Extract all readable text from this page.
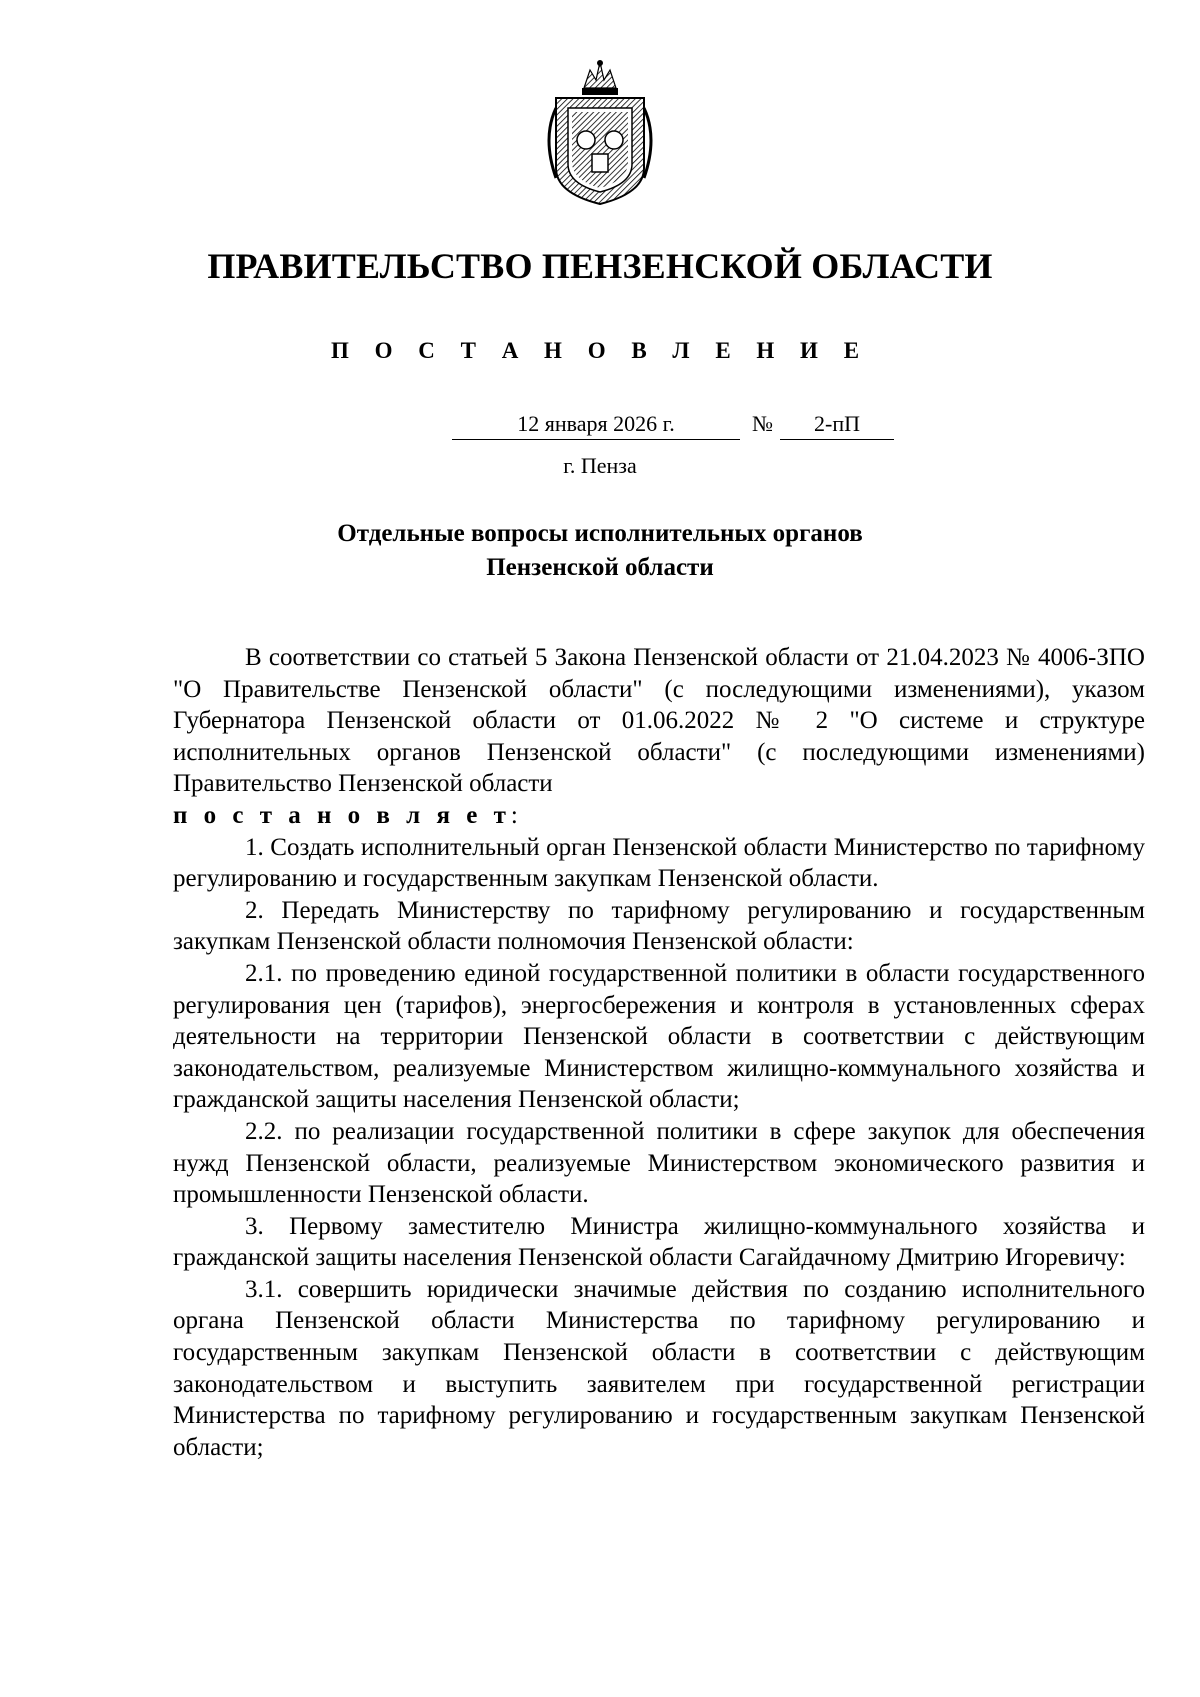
ПРАВИТЕЛЬСТВО ПЕНЗЕНСКОЙ ОБЛАСТИ
П О С Т А Н О В Л Е Н И Е
12 января 2026 г.	№	2-пП
г. Пенза
Отдельные вопросы исполнительных органов
Пензенской области

В соответствии со статьей 5 Закона Пензенской области от 21.04.2023 № 4006-ЗПО "О Правительстве Пензенской области" (с последующими изменениями), указом Губернатора Пензенской области от 01.06.2022 № 2 "О системе и структуре исполнительных органов Пензенской области" (с последующими изменениями) Правительство Пензенской области

п о с т а н о в л я е т:

1. Создать исполнительный орган Пензенской области Министерство по тарифному регулированию и государственным закупкам Пензенской области.

2. Передать Министерству по тарифному регулированию и государственным закупкам Пензенской области полномочия Пензенской области:

2.1. по проведению единой государственной политики в области государственного регулирования цен (тарифов), энергосбережения и контроля в установленных сферах деятельности на территории Пензенской области в соответствии с действующим законодательством, реализуемые Министерством жилищно-коммунального хозяйства и гражданской защиты населения Пензенской области;

2.2. по реализации государственной политики в сфере закупок для обеспечения нужд Пензенской области, реализуемые Министерством экономического развития и промышленности Пензенской области.

3. Первому заместителю Министра жилищно-коммунального хозяйства и гражданской защиты населения Пензенской области Сагайдачному Дмитрию Игоревичу:

3.1. совершить юридически значимые действия по созданию исполнительного органа Пензенской области Министерства по тарифному регулированию и государственным закупкам Пензенской области в соответствии с действующим законодательством и выступить заявителем при государственной регистрации Министерства по тарифному регулированию и государственным закупкам Пензенской области;
